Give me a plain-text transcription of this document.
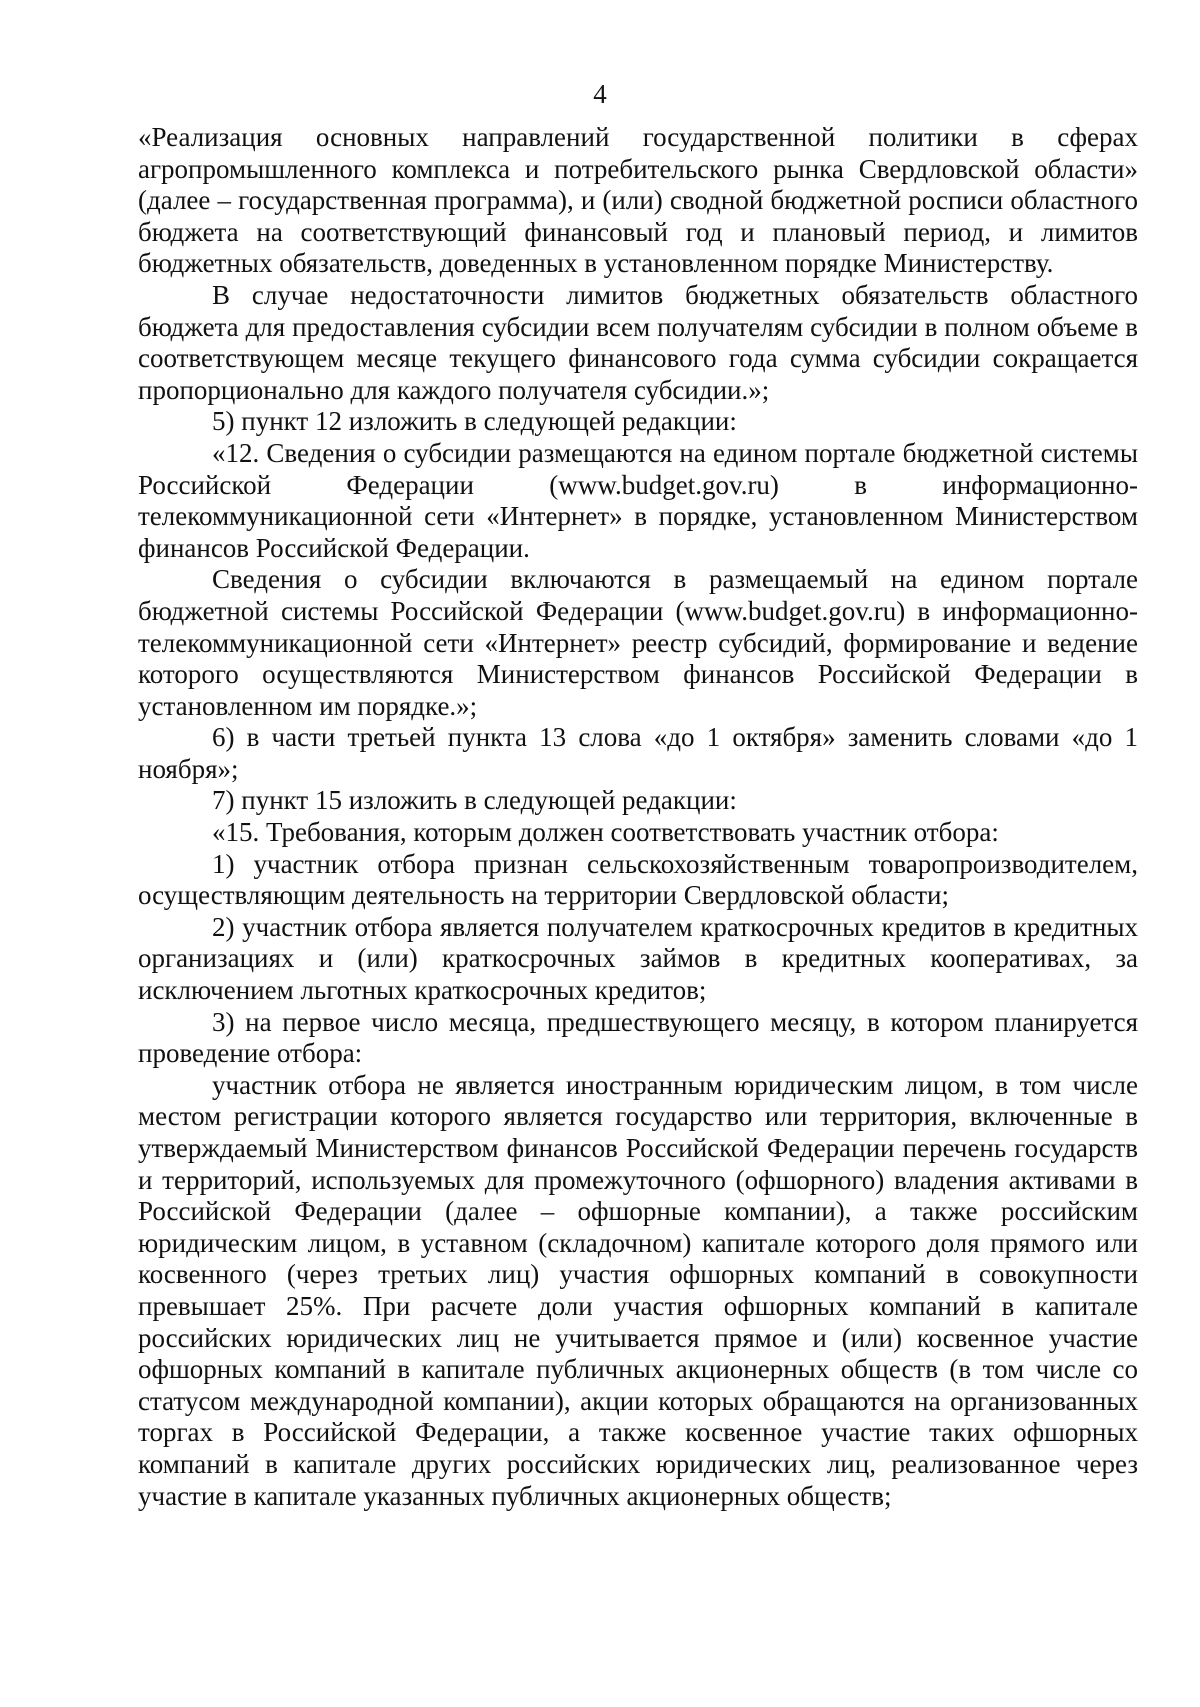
4

«Реализация основных направлений государственной политики в сферах агропромышленного комплекса и потребительского рынка Свердловской области» (далее – государственная программа), и (или) сводной бюджетной росписи областного бюджета на соответствующий финансовый год и плановый период, и лимитов бюджетных обязательств, доведенных в установленном порядке Министерству.

В случае недостаточности лимитов бюджетных обязательств областного бюджета для предоставления субсидии всем получателям субсидии в полном объеме в соответствующем месяце текущего финансового года сумма субсидии сокращается пропорционально для каждого получателя субсидии.»;

5) пункт 12 изложить в следующей редакции:

«12. Сведения о субсидии размещаются на едином портале бюджетной системы Российской Федерации (www.budget.gov.ru) в информационно-телекоммуникационной сети «Интернет» в порядке, установленном Министерством финансов Российской Федерации.

Сведения о субсидии включаются в размещаемый на едином портале бюджетной системы Российской Федерации (www.budget.gov.ru) в информационно-телекоммуникационной сети «Интернет» реестр субсидий, формирование и ведение которого осуществляются Министерством финансов Российской Федерации в установленном им порядке.»;

6) в части третьей пункта 13 слова «до 1 октября» заменить словами «до 1 ноября»;

7) пункт 15 изложить в следующей редакции:

«15. Требования, которым должен соответствовать участник отбора:

1) участник отбора признан сельскохозяйственным товаропроизводителем, осуществляющим деятельность на территории Свердловской области;

2) участник отбора является получателем краткосрочных кредитов в кредитных организациях и (или) краткосрочных займов в кредитных кооперативах, за исключением льготных краткосрочных кредитов;

3) на первое число месяца, предшествующего месяцу, в котором планируется проведение отбора:

участник отбора не является иностранным юридическим лицом, в том числе местом регистрации которого является государство или территория, включенные в утверждаемый Министерством финансов Российской Федерации перечень государств и территорий, используемых для промежуточного (офшорного) владения активами в Российской Федерации (далее – офшорные компании), а также российским юридическим лицом, в уставном (складочном) капитале которого доля прямого или косвенного (через третьих лиц) участия офшорных компаний в совокупности превышает 25%. При расчете доли участия офшорных компаний в капитале российских юридических лиц не учитывается прямое и (или) косвенное участие офшорных компаний в капитале публичных акционерных обществ (в том числе со статусом международной компании), акции которых обращаются на организованных торгах в Российской Федерации, а также косвенное участие таких офшорных компаний в капитале других российских юридических лиц, реализованное через участие в капитале указанных публичных акционерных обществ;
